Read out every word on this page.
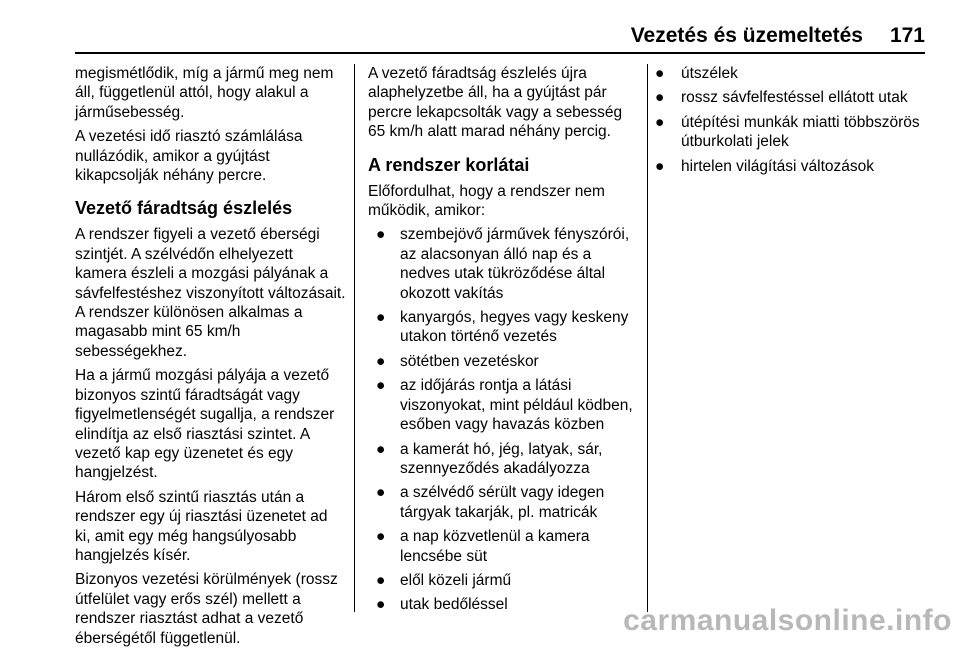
Vezetés és üzemeltetés 171

megismétlődik, míg a jármű meg nem áll, függetlenül attól, hogy alakul a járműsebesség.

A vezetési idő riasztó számlálása nullázódik, amikor a gyújtást kikapcsolják néhány percre.

Vezető fáradtság észlelés

A rendszer figyeli a vezető éberségi szintjét. A szélvédőn elhelyezett kamera észleli a mozgási pályának a sávfelfestéshez viszonyított változásait. A rendszer különösen alkalmas a magasabb mint 65 km/h sebességekhez.

Ha a jármű mozgási pályája a vezető bizonyos szintű fáradtságát vagy figyelmetlenségét sugallja, a rendszer elindítja az első riasztási szintet. A vezető kap egy üzenetet és egy hangjelzést.

Három első szintű riasztás után a rendszer egy új riasztási üzenetet ad ki, amit egy még hangsúlyosabb hangjelzés kísér.

Bizonyos vezetési körülmények (rossz útfelület vagy erős szél) mellett a rendszer riasztást adhat a vezető éberségétől függetlenül.

A vezető fáradtság észlelés újra alaphelyzetbe áll, ha a gyújtást pár percre lekapcsolták vagy a sebesség 65 km/h alatt marad néhány percig.

A rendszer korlátai

Előfordulhat, hogy a rendszer nem működik, amikor:

● szembejövő járművek fényszórói, az alacsonyan álló nap és a nedves utak tükröződése által okozott vakítás
● kanyargós, hegyes vagy keskeny utakon történő vezetés
● sötétben vezetéskor
● az időjárás rontja a látási viszonyokat, mint például ködben, esőben vagy havazás közben
● a kamerát hó, jég, latyak, sár, szennyeződés akadályozza
● a szélvédő sérült vagy idegen tárgyak takarják, pl. matricák
● a nap közvetlenül a kamera lencsébe süt
● elől közeli jármű
● utak bedőléssel
● útszélek
● rossz sávfelfestéssel ellátott utak
● útépítési munkák miatti többszörös útburkolati jelek
● hirtelen világítási változások
carmanualsonline.info
